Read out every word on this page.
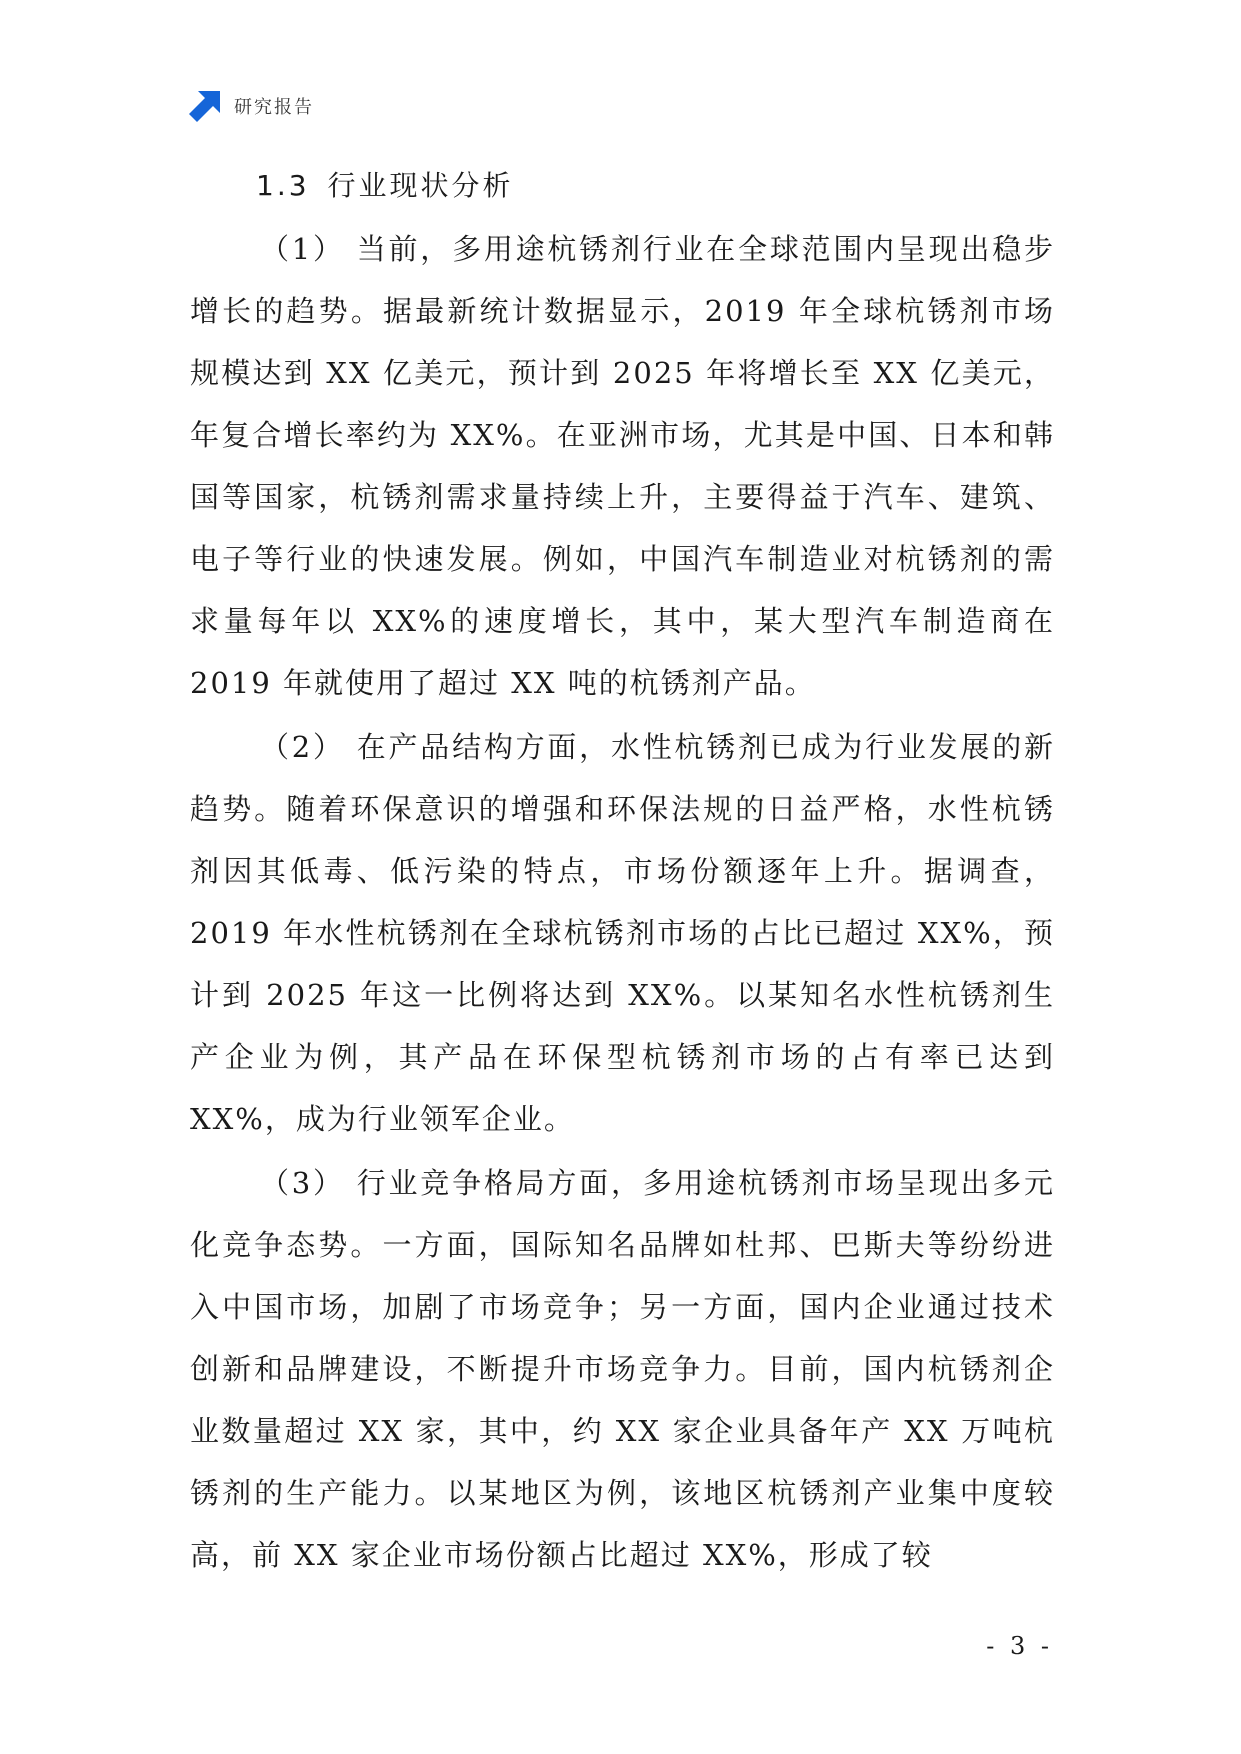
研究报告
1.3 行业现状分析

（1） 当前，多用途杭锈剂行业在全球范围内呈现出稳步增长的趋势。据最新统计数据显示，2019 年全球杭锈剂市场规模达到 XX 亿美元，预计到 2025 年将增长至 XX 亿美元，年复合增长率约为 XX%。在亚洲市场，尤其是中国、日本和韩国等国家，杭锈剂需求量持续上升，主要得益于汽车、建筑、电子等行业的快速发展。例如，中国汽车制造业对杭锈剂的需求量每年以 XX%的速度增长，其中，某大型汽车制造商在 2019 年就使用了超过 XX 吨的杭锈剂产品。

（2） 在产品结构方面，水性杭锈剂已成为行业发展的新趋势。随着环保意识的增强和环保法规的日益严格，水性杭锈剂因其低毒、低污染的特点，市场份额逐年上升。据调查，2019 年水性杭锈剂在全球杭锈剂市场的占比已超过 XX%，预计到 2025 年这一比例将达到 XX%。以某知名水性杭锈剂生产企业为例，其产品在环保型杭锈剂市场的占有率已达到 XX%，成为行业领军企业。

（3） 行业竞争格局方面，多用途杭锈剂市场呈现出多元化竞争态势。一方面，国际知名品牌如杜邦、巴斯夫等纷纷进入中国市场，加剧了市场竞争；另一方面，国内企业通过技术创新和品牌建设，不断提升市场竞争力。目前，国内杭锈剂企业数量超过 XX 家，其中，约 XX 家企业具备年产 XX 万吨杭锈剂的生产能力。以某地区为例，该地区杭锈剂产业集中度较高，前 XX 家企业市场份额占比超过 XX%，形成了较

- 3 -
